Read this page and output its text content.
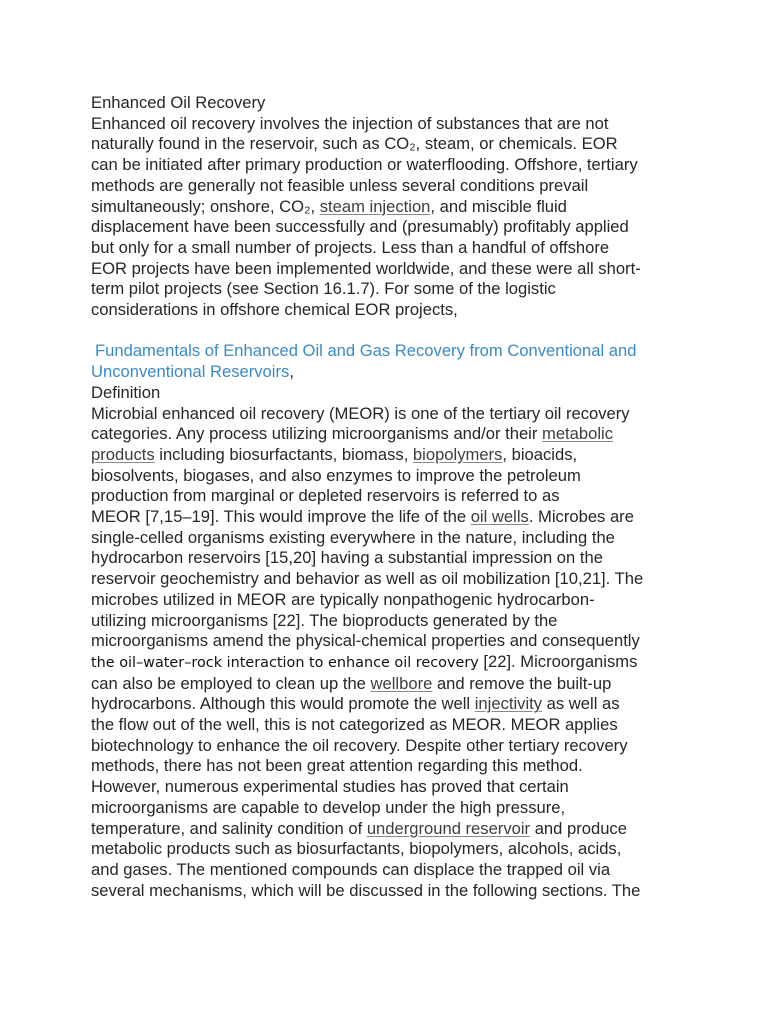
Enhanced Oil Recovery

Enhanced oil recovery involves the injection of substances that are not

naturally found in the reservoir, such as CO₂, steam, or chemicals. EOR

can be initiated after primary production or waterflooding. Offshore, tertiary

methods are generally not feasible unless several conditions prevail

simultaneously; onshore, CO₂, steam injection, and miscible fluid

displacement have been successfully and (presumably) profitably applied

but only for a small number of projects. Less than a handful of offshore

EOR projects have been implemented worldwide, and these were all short-

term pilot projects (see Section 16.1.7). For some of the logistic

considerations in offshore chemical EOR projects,

Fundamentals of Enhanced Oil and Gas Recovery from Conventional and

Unconventional Reservoirs,

Definition

Microbial enhanced oil recovery (MEOR) is one of the tertiary oil recovery

categories. Any process utilizing microorganisms and/or their metabolic

products including biosurfactants, biomass, biopolymers, bioacids,

biosolvents, biogases, and also enzymes to improve the petroleum

production from marginal or depleted reservoirs is referred to as

MEOR [7,15–19]. This would improve the life of the oil wells. Microbes are

single-celled organisms existing everywhere in the nature, including the

hydrocarbon reservoirs [15,20] having a substantial impression on the

reservoir geochemistry and behavior as well as oil mobilization [10,21]. The

microbes utilized in MEOR are typically nonpathogenic hydrocarbon-

utilizing microorganisms [22]. The bioproducts generated by the

microorganisms amend the physical-chemical properties and consequently

the oil–water–rock interaction to enhance oil recovery [22]. Microorganisms

can also be employed to clean up the wellbore and remove the built-up

hydrocarbons. Although this would promote the well injectivity as well as

the flow out of the well, this is not categorized as MEOR. MEOR applies

biotechnology to enhance the oil recovery. Despite other tertiary recovery

methods, there has not been great attention regarding this method.

However, numerous experimental studies has proved that certain

microorganisms are capable to develop under the high pressure,

temperature, and salinity condition of underground reservoir and produce

metabolic products such as biosurfactants, biopolymers, alcohols, acids,

and gases. The mentioned compounds can displace the trapped oil via

several mechanisms, which will be discussed in the following sections. The
